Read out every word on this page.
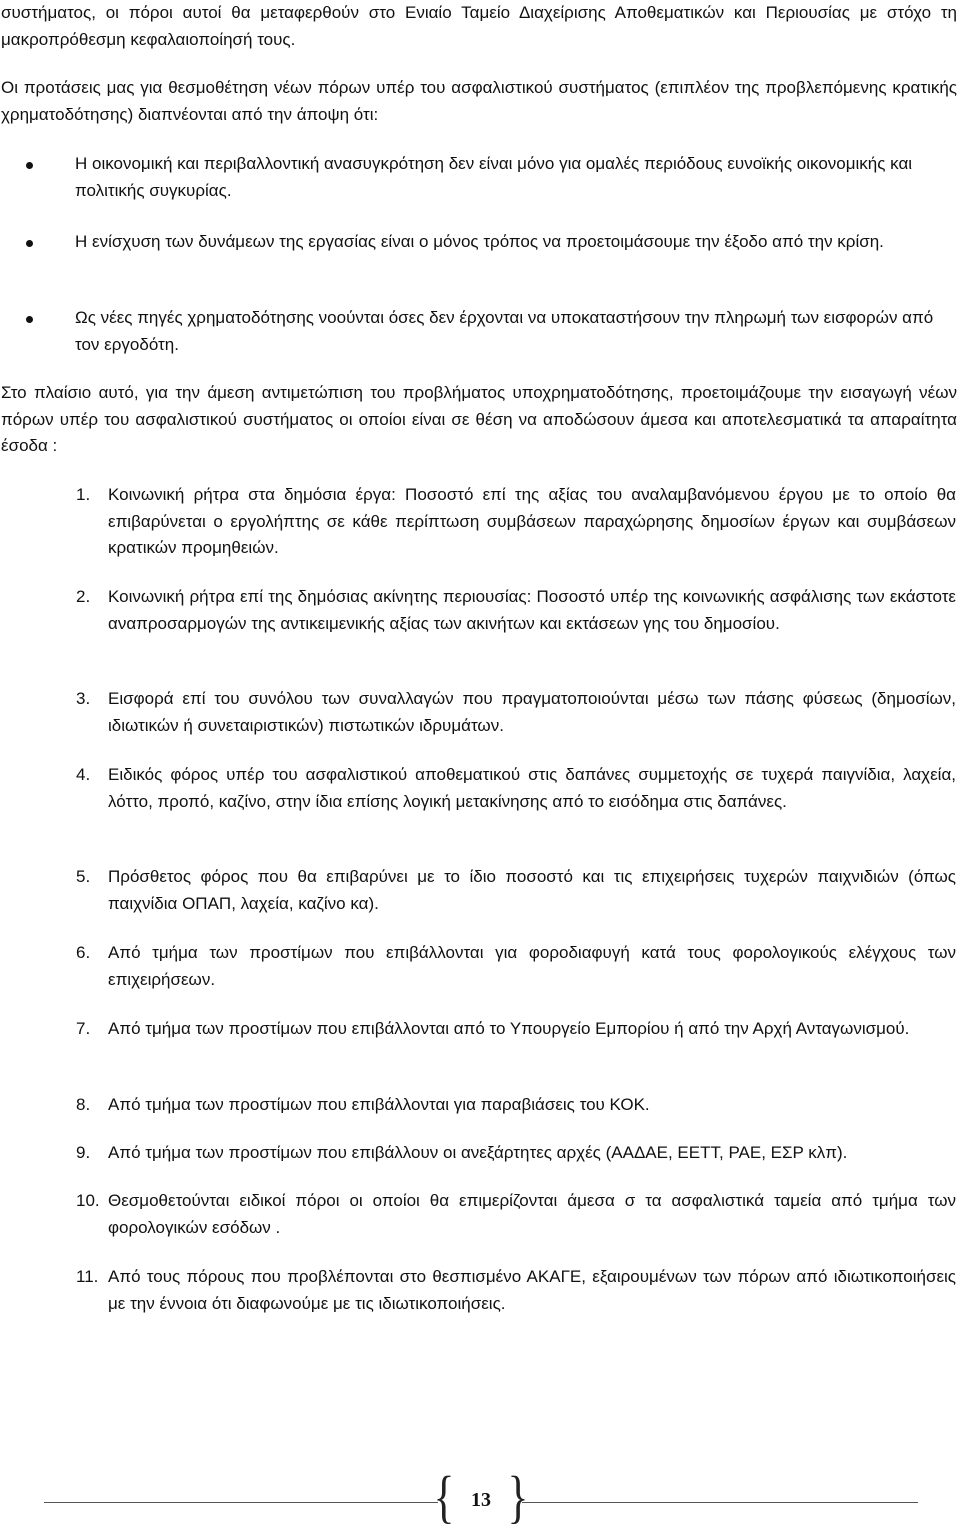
συστήματος, οι πόροι αυτοί θα μεταφερθούν στο Ενιαίο Ταμείο Διαχείρισης Αποθεματικών και Περιουσίας με στόχο τη μακροπρόθεσμη κεφαλαιοποίησή τους.

Οι προτάσεις μας για θεσμοθέτηση νέων πόρων υπέρ του ασφαλιστικού συστήματος (επιπλέον της προβλεπόμενης κρατικής χρηματοδότησης) διαπνέονται από την άποψη ότι:

Η οικονομική και περιβαλλοντική ανασυγκρότηση δεν είναι μόνο για ομαλές περιόδους ευνοϊκής οικονομικής και πολιτικής συγκυρίας.
Η ενίσχυση των δυνάμεων της εργασίας είναι ο μόνος τρόπος να προετοιμάσουμε την έξοδο από την κρίση.
Ως νέες πηγές χρηματοδότησης νοούνται όσες δεν έρχονται να υποκαταστήσουν την πληρωμή των εισφορών από τον εργοδότη.

Στο πλαίσιο αυτό, για την άμεση αντιμετώπιση του προβλήματος υποχρηματοδότησης, προετοιμάζουμε την εισαγωγή νέων πόρων υπέρ του ασφαλιστικού συστήματος οι οποίοι είναι σε θέση να αποδώσουν άμεσα και αποτελεσματικά τα απαραίτητα έσοδα :

1.	Κοινωνική ρήτρα στα δημόσια έργα: Ποσοστό επί της αξίας του αναλαμβανόμενου έργου με το οποίο θα επιβαρύνεται ο εργολήπτης σε κάθε περίπτωση συμβάσεων παραχώρησης δημοσίων έργων και συμβάσεων κρατικών προμηθειών.
2.	Κοινωνική ρήτρα επί της δημόσιας ακίνητης περιουσίας: Ποσοστό υπέρ της κοινωνικής ασφάλισης των εκάστοτε αναπροσαρμογών της αντικειμενικής αξίας των ακινήτων και εκτάσεων γης του δημοσίου.
3.	Εισφορά επί του συνόλου των συναλλαγών που πραγματοποιούνται μέσω των πάσης φύσεως (δημοσίων, ιδιωτικών ή συνεταιριστικών) πιστωτικών ιδρυμάτων.
4.	Ειδικός φόρος υπέρ του ασφαλιστικού αποθεματικού στις δαπάνες συμμετοχής σε τυχερά παιγνίδια, λαχεία, λόττο, προπό, καζίνο, στην ίδια επίσης λογική μετακίνησης από το εισόδημα στις δαπάνες.
5.	Πρόσθετος φόρος που θα επιβαρύνει με το ίδιο ποσοστό και τις επιχειρήσεις τυχερών παιχνιδιών (όπως παιχνίδια ΟΠΑΠ, λαχεία, καζίνο κα).
6.	Από τμήμα των προστίμων που επιβάλλονται για φοροδιαφυγή κατά τους φορολογικούς ελέγχους των επιχειρήσεων.
7.	Από τμήμα των προστίμων που επιβάλλονται από το Υπουργείο Εμπορίου ή από την Αρχή Ανταγωνισμού.
8.	Από τμήμα των προστίμων που επιβάλλονται για παραβιάσεις του ΚΟΚ.
9.	Από τμήμα των προστίμων που επιβάλλουν οι ανεξάρτητες αρχές (ΑΑΔΑΕ, ΕΕΤΤ, ΡΑΕ, ΕΣΡ κλπ).
10. Θεσμοθετούνται ειδικοί πόροι οι οποίοι θα επιμερίζονται άμεσα σ τα ασφαλιστικά ταμεία από τμήμα των φορολογικών εσόδων .
11. Από τους πόρους που προβλέπονται στο θεσπισμένο ΑΚΑΓΕ, εξαιρουμένων των πόρων από ιδιωτικοποιήσεις με την έννοια ότι διαφωνούμε με τις ιδιωτικοποιήσεις.
{ }
13
